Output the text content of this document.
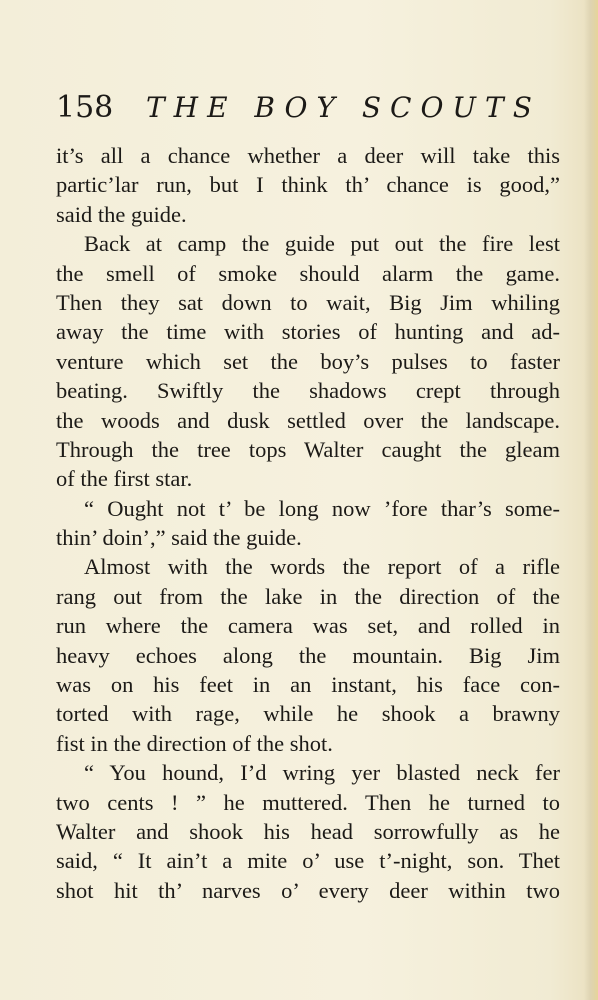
158 THE BOY SCOUTS
it’s all a chance whether a deer will take this
partic’lar run, but I think th’ chance is good,”
said the guide.
Back at camp the guide put out the fire lest
the smell of smoke should alarm the game.
Then they sat down to wait, Big Jim whiling
away the time with stories of hunting and ad-
venture which set the boy’s pulses to faster
beating. Swiftly the shadows crept through
the woods and dusk settled over the landscape.
Through the tree tops Walter caught the gleam
of the first star.
“ Ought not t’ be long now ’fore thar’s some-
thin’ doin’,” said the guide.
Almost with the words the report of a rifle
rang out from the lake in the direction of the
run where the camera was set, and rolled in
heavy echoes along the mountain. Big Jim
was on his feet in an instant, his face con-
torted with rage, while he shook a brawny
fist in the direction of the shot.
“ You hound, I’d wring yer blasted neck fer
two cents ! ” he muttered. Then he turned to
Walter and shook his head sorrowfully as he
said, “ It ain’t a mite o’ use t’-night, son. Thet
shot hit th’ narves o’ every deer within two
